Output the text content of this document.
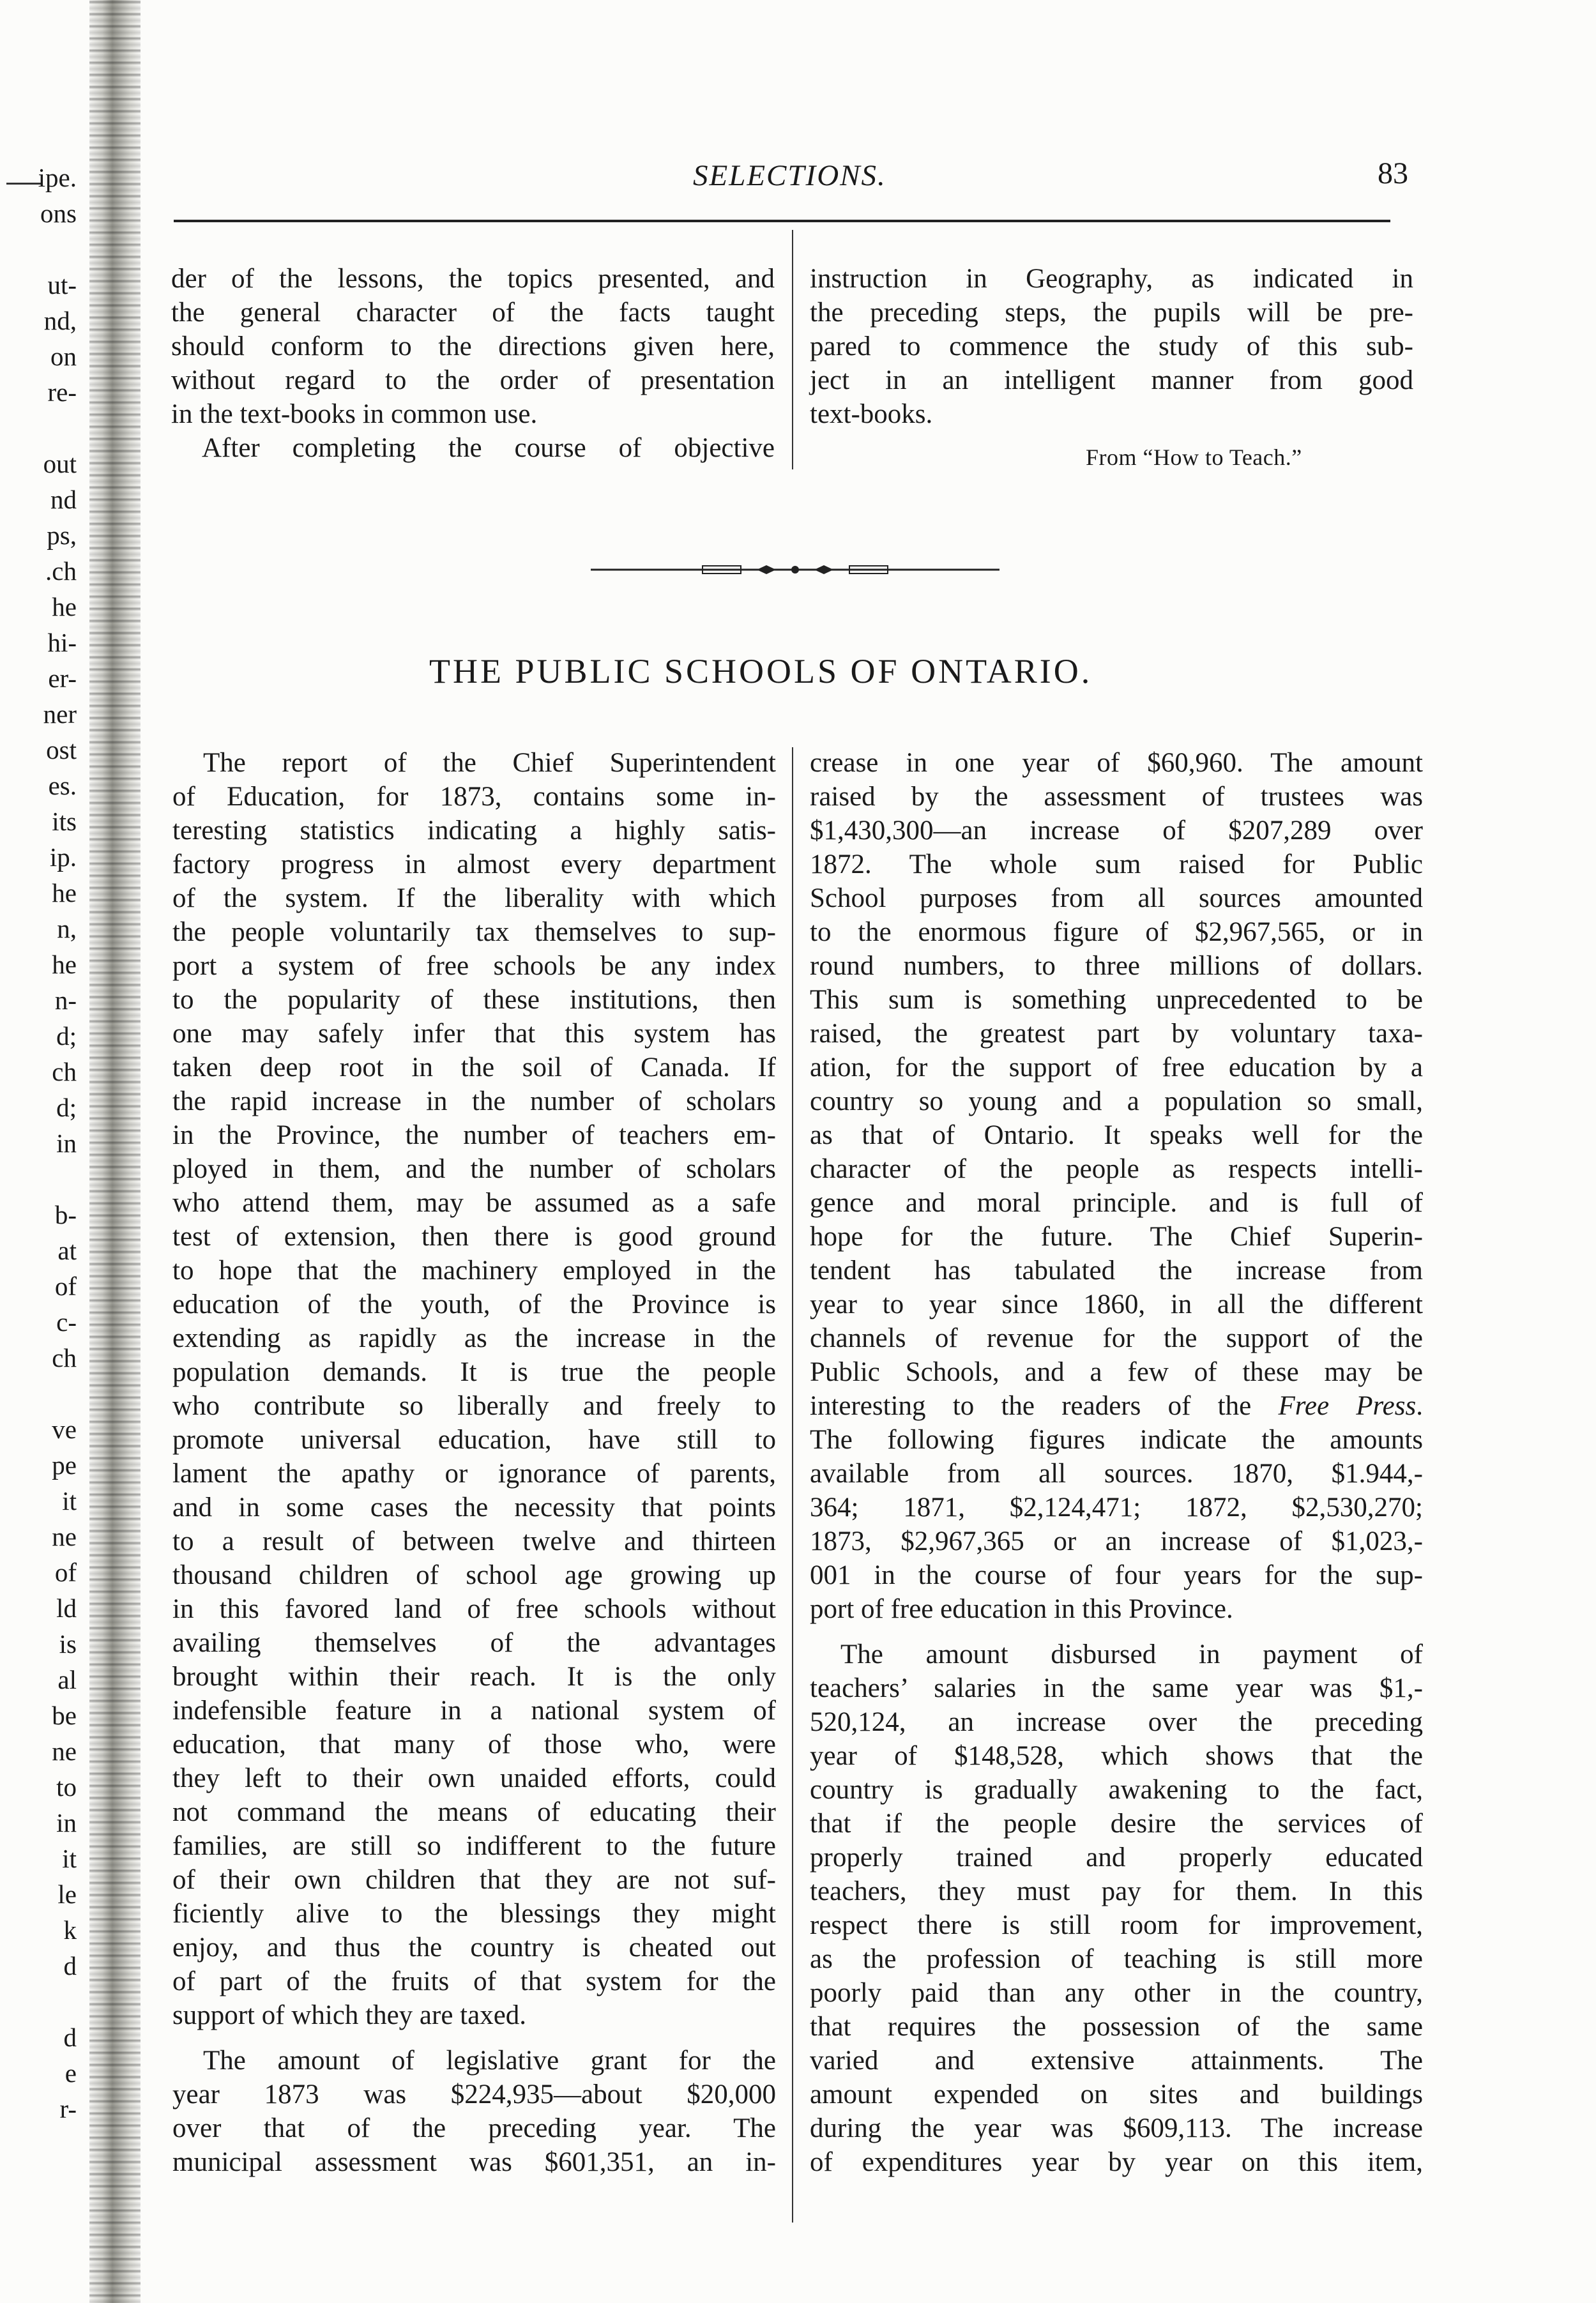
ipe.
ons

ut-
nd,
on
re-

out
nd
ps,
.ch
he
hi-
er-
ner
ost
es.
its
ip.
he
n,
he
n-
d;
ch
d;
in

b-
at
of
c-
ch

ve
pe
it
ne
of
ld
is
al
be
ne
to
in
it
le
k
d

d
e
r-
SELECTIONS.	83

der of the lessons, the topics presented, and
the general character of the facts taught
should conform to the directions given here,
without regard to the order of presentation
in the text-books in common use.

After completing the course of objective

instruction in Geography, as indicated in
the preceding steps, the pupils will be pre-
pared to commence the study of this sub-
ject in an intelligent manner from good
text-books.

From “How to Teach.”
THE PUBLIC SCHOOLS OF ONTARIO.

The report of the Chief Superintendent
of Education, for 1873, contains some in-
teresting statistics indicating a highly satis-
factory progress in almost every department
of the system. If the liberality with which
the people voluntarily tax themselves to sup-
port a system of free schools be any index
to the popularity of these institutions, then
one may safely infer that this system has
taken deep root in the soil of Canada. If
the rapid increase in the number of scholars
in the Province, the number of teachers em-
ployed in them, and the number of scholars
who attend them, may be assumed as a safe
test of extension, then there is good ground
to hope that the machinery employed in the
education of the youth, of the Province is
extending as rapidly as the increase in the
population demands. It is true the people
who contribute so liberally and freely to
promote universal education, have still to
lament the apathy or ignorance of parents,
and in some cases the necessity that points
to a result of between twelve and thirteen
thousand children of school age growing up
in this favored land of free schools without
availing themselves of the advantages
brought within their reach. It is the only
indefensible feature in a national system of
education, that many of those who, were
they left to their own unaided efforts, could
not command the means of educating their
families, are still so indifferent to the future
of their own children that they are not suf-
ficiently alive to the blessings they might
enjoy, and thus the country is cheated out
of part of the fruits of that system for the
support of which they are taxed.

The amount of legislative grant for the
year 1873 was $224,935—about $20,000
over that of the preceding year. The
municipal assessment was $601,351, an in-

crease in one year of $60,960. The amount
raised by the assessment of trustees was
$1,430,300—an increase of $207,289 over
1872. The whole sum raised for Public
School purposes from all sources amounted
to the enormous figure of $2,967,565, or in
round numbers, to three millions of dollars.
This sum is something unprecedented to be
raised, the greatest part by voluntary taxa-
ation, for the support of free education by a
country so young and a population so small,
as that of Ontario. It speaks well for the
character of the people as respects intelli-
gence and moral principle. and is full of
hope for the future. The Chief Superin-
tendent has tabulated the increase from
year to year since 1860, in all the different
channels of revenue for the support of the
Public Schools, and a few of these may be
interesting to the readers of the Free Press.
The following figures indicate the amounts
available from all sources. 1870, $1.944,-
364; 1871, $2,124,471; 1872, $2,530,270;
1873, $2,967,365 or an increase of $1,023,-
001 in the course of four years for the sup-
port of free education in this Province.

The amount disbursed in payment of
teachers’ salaries in the same year was $1,-
520,124, an increase over the preceding
year of $148,528, which shows that the
country is gradually awakening to the fact,
that if the people desire the services of
properly trained and properly educated
teachers, they must pay for them. In this
respect there is still room for improvement,
as the profession of teaching is still more
poorly paid than any other in the country,
that requires the possession of the same
varied and extensive attainments. The
amount expended on sites and buildings
during the year was $609,113. The increase
of expenditures year by year on this item,
